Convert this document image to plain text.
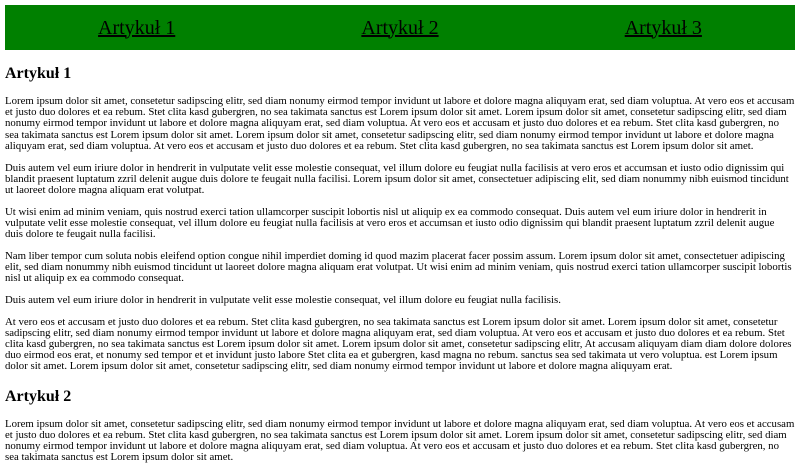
Artykuł 1	Artykuł 2	Artykuł 3
Artykuł 1

Lorem ipsum dolor sit amet, consetetur sadipscing elitr, sed diam nonumy eirmod tempor invidunt ut labore et dolore magna aliquyam erat, sed diam voluptua. At vero eos et accusam et justo duo dolores et ea rebum. Stet clita kasd gubergren, no sea takimata sanctus est Lorem ipsum dolor sit amet. Lorem ipsum dolor sit amet, consetetur sadipscing elitr, sed diam nonumy eirmod tempor invidunt ut labore et dolore magna aliquyam erat, sed diam voluptua. At vero eos et accusam et justo duo dolores et ea rebum. Stet clita kasd gubergren, no sea takimata sanctus est Lorem ipsum dolor sit amet. Lorem ipsum dolor sit amet, consetetur sadipscing elitr, sed diam nonumy eirmod tempor invidunt ut labore et dolore magna aliquyam erat, sed diam voluptua. At vero eos et accusam et justo duo dolores et ea rebum. Stet clita kasd gubergren, no sea takimata sanctus est Lorem ipsum dolor sit amet.

Duis autem vel eum iriure dolor in hendrerit in vulputate velit esse molestie consequat, vel illum dolore eu feugiat nulla facilisis at vero eros et accumsan et iusto odio dignissim qui blandit praesent luptatum zzril delenit augue duis dolore te feugait nulla facilisi. Lorem ipsum dolor sit amet, consectetuer adipiscing elit, sed diam nonummy nibh euismod tincidunt ut laoreet dolore magna aliquam erat volutpat.

Ut wisi enim ad minim veniam, quis nostrud exerci tation ullamcorper suscipit lobortis nisl ut aliquip ex ea commodo consequat. Duis autem vel eum iriure dolor in hendrerit in vulputate velit esse molestie consequat, vel illum dolore eu feugiat nulla facilisis at vero eros et accumsan et iusto odio dignissim qui blandit praesent luptatum zzril delenit augue duis dolore te feugait nulla facilisi.

Nam liber tempor cum soluta nobis eleifend option congue nihil imperdiet doming id quod mazim placerat facer possim assum. Lorem ipsum dolor sit amet, consectetuer adipiscing elit, sed diam nonummy nibh euismod tincidunt ut laoreet dolore magna aliquam erat volutpat. Ut wisi enim ad minim veniam, quis nostrud exerci tation ullamcorper suscipit lobortis nisl ut aliquip ex ea commodo consequat.

Duis autem vel eum iriure dolor in hendrerit in vulputate velit esse molestie consequat, vel illum dolore eu feugiat nulla facilisis.

At vero eos et accusam et justo duo dolores et ea rebum. Stet clita kasd gubergren, no sea takimata sanctus est Lorem ipsum dolor sit amet. Lorem ipsum dolor sit amet, consetetur sadipscing elitr, sed diam nonumy eirmod tempor invidunt ut labore et dolore magna aliquyam erat, sed diam voluptua. At vero eos et accusam et justo duo dolores et ea rebum. Stet clita kasd gubergren, no sea takimata sanctus est Lorem ipsum dolor sit amet. Lorem ipsum dolor sit amet, consetetur sadipscing elitr, At accusam aliquyam diam diam dolore dolores duo eirmod eos erat, et nonumy sed tempor et et invidunt justo labore Stet clita ea et gubergren, kasd magna no rebum. sanctus sea sed takimata ut vero voluptua. est Lorem ipsum dolor sit amet. Lorem ipsum dolor sit amet, consetetur sadipscing elitr, sed diam nonumy eirmod tempor invidunt ut labore et dolore magna aliquyam erat.

Artykuł 2

Lorem ipsum dolor sit amet, consetetur sadipscing elitr, sed diam nonumy eirmod tempor invidunt ut labore et dolore magna aliquyam erat, sed diam voluptua. At vero eos et accusam et justo duo dolores et ea rebum. Stet clita kasd gubergren, no sea takimata sanctus est Lorem ipsum dolor sit amet. Lorem ipsum dolor sit amet, consetetur sadipscing elitr, sed diam nonumy eirmod tempor invidunt ut labore et dolore magna aliquyam erat, sed diam voluptua. At vero eos et accusam et justo duo dolores et ea rebum. Stet clita kasd gubergren, no sea takimata sanctus est Lorem ipsum dolor sit amet.
